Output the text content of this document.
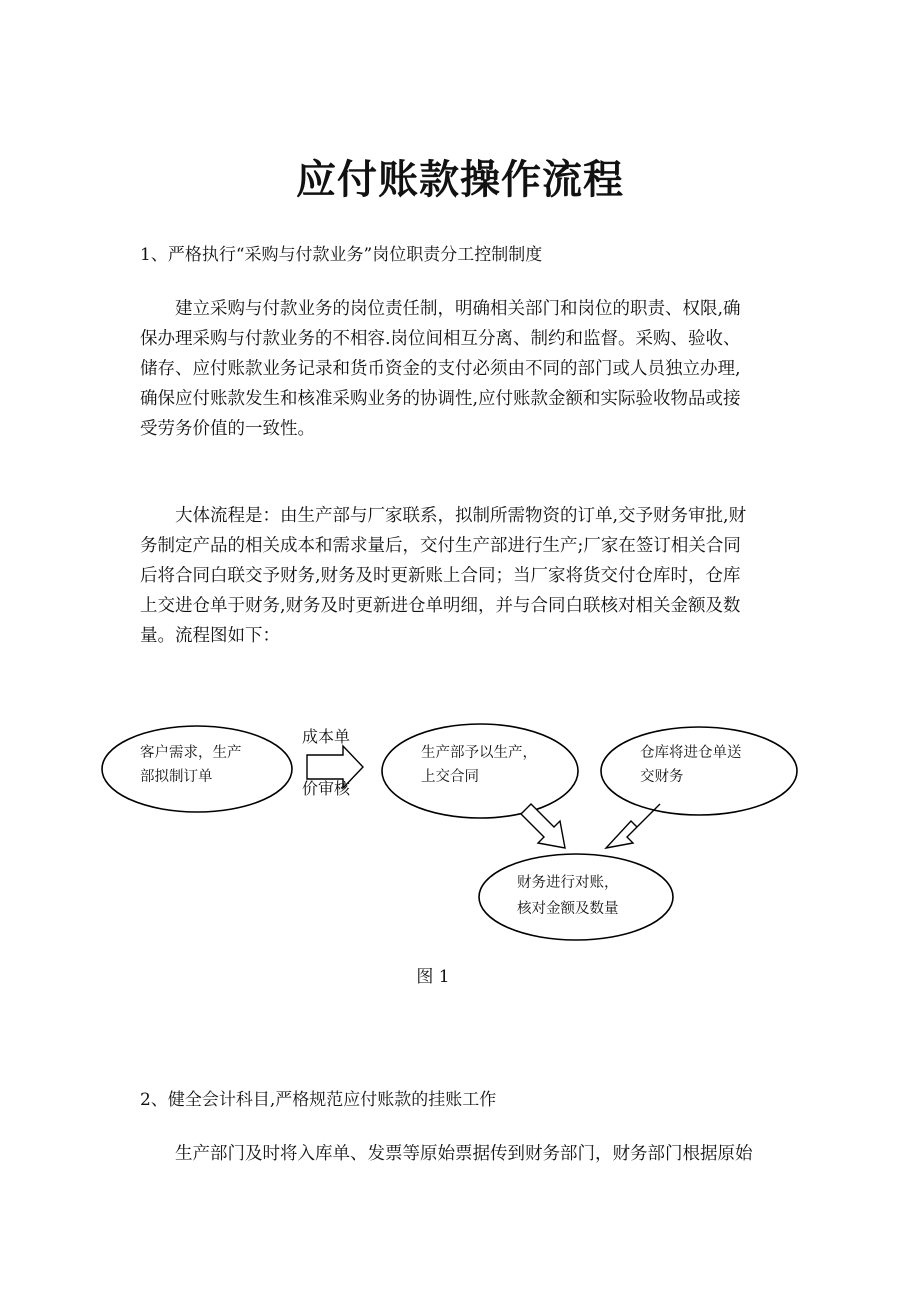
应付账款操作流程

1、严格执行“采购与付款业务”岗位职责分工控制制度

建立采购与付款业务的岗位责任制，明确相关部门和岗位的职责、权限,确
保办理采购与付款业务的不相容.岗位间相互分离、制约和监督。采购、验收、
储存、应付账款业务记录和货币资金的支付必须由不同的部门或人员独立办理,
确保应付账款发生和核准采购业务的协调性,应付账款金额和实际验收物品或接
受劳务价值的一致性。
大体流程是：由生产部与厂家联系，拟制所需物资的订单,交予财务审批,财
务制定产品的相关成本和需求量后，交付生产部进行生产;厂家在签订相关合同
后将合同白联交予财务,财务及时更新账上合同；当厂家将货交付仓库时，仓库
上交进仓单于财务,财务及时更新进仓单明细，并与合同白联核对相关金额及数
量。流程图如下：
客户需求，生产
部拟制订单
成本单
价审核
生产部予以生产，
上交合同
仓库将进仓单送
交财务
财务进行对账，
核对金额及数量

图 1

2、健全会计科目,严格规范应付账款的挂账工作

生产部门及时将入库单、发票等原始票据传到财务部门，财务部门根据原始
